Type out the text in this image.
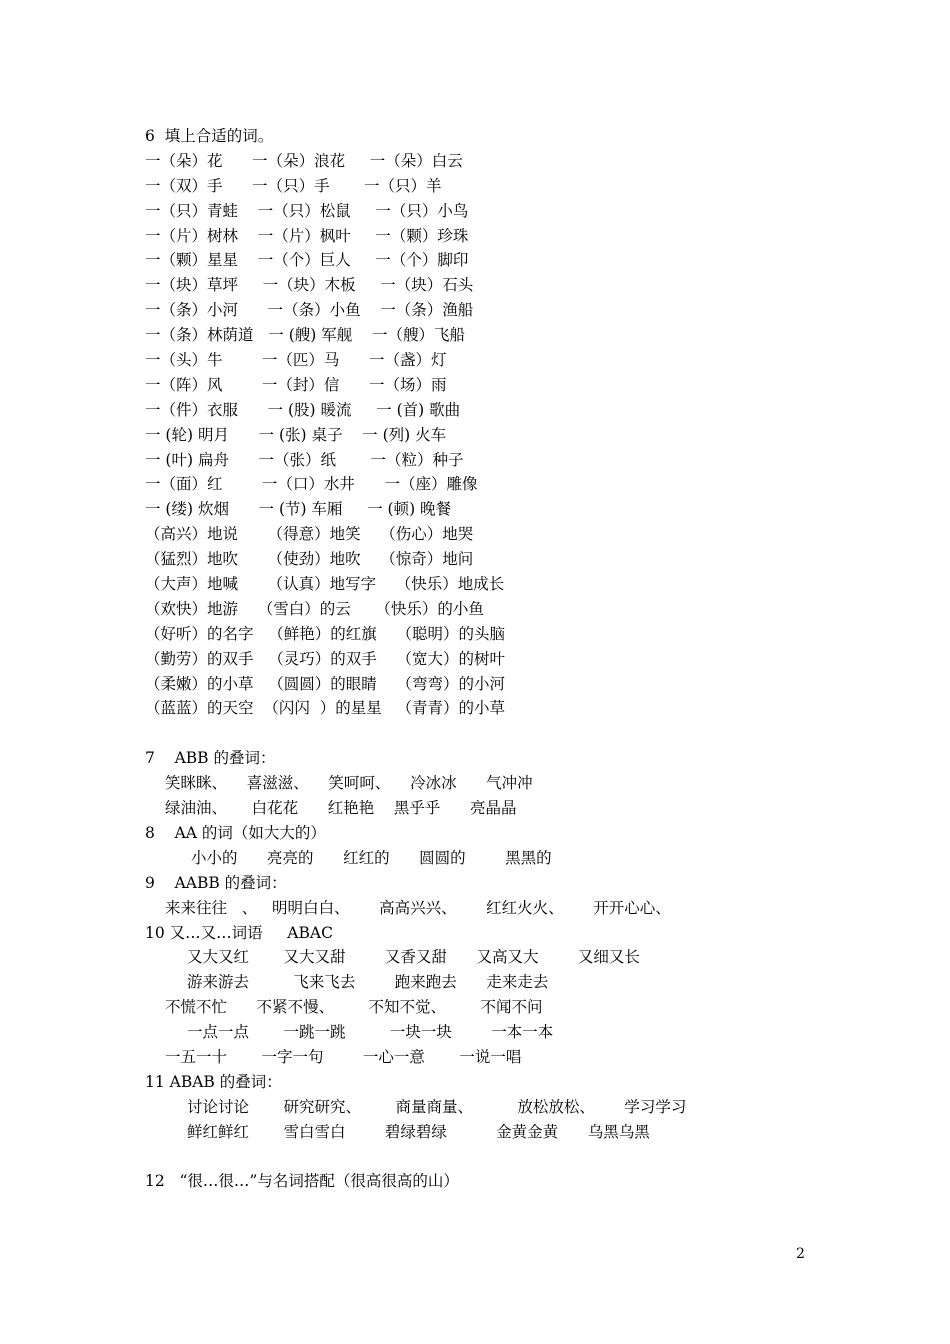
6  填上合适的词。
一（朵）花      一（朵）浪花     一（朵）白云
一（双）手      一（只）手       一（只）羊
一（只）青蛙    一（只）松鼠     一（只）小鸟
一（片）树林    一（片）枫叶     一（颗）珍珠
一（颗）星星    一（个）巨人     一（个）脚印
一（块）草坪     一（块）木板     一（块）石头
一（条）小河      一（条）小鱼    一（条）渔船
一（条）林荫道   一 (艘) 军舰    一（艘）飞船
一（头）牛        一（匹）马      一（盏）灯
一（阵）风        一（封）信      一（场）雨
一（件）衣服      一 (股) 暖流     一 (首) 歌曲
一 (轮) 明月      一 (张) 桌子    一 (列) 火车
一 (叶) 扁舟      一（张）纸       一（粒）种子
一（面）红        一（口）水井      一（座）雕像
一 (缕) 炊烟      一 (节) 车厢     一 (顿) 晚餐
（高兴）地说      （得意）地笑    （伤心）地哭
（猛烈）地吹      （使劲）地吹    （惊奇）地问
（大声）地喊      （认真）地写字    （快乐）地成长
（欢快）地游    （雪白）的云     （快乐）的小鱼
（好听）的名字   （鲜艳）的红旗    （聪明）的头脑
（勤劳）的双手   （灵巧）的双手    （宽大）的树叶
（柔嫩）的小草   （圆圆）的眼睛    （弯弯）的小河
（蓝蓝）的天空  （闪闪  ）的星星   （青青）的小草
7    ABB 的叠词：
笑眯眯、    喜滋滋、    笑呵呵、    冷冰冰      气冲冲
绿油油、     白花花      红艳艳    黑乎乎      亮晶晶
8    AA 的词（如大大的）
小小的      亮亮的      红红的      圆圆的        黑黑的
9    AABB 的叠词：
来来往往   、   明明白白、      高高兴兴、      红红火火、      开开心心、
10 又…又…词语     ABAC
又大又红       又大又甜        又香又甜      又高又大        又细又长
游来游去         飞来飞去        跑来跑去      走来走去
不慌不忙      不紧不慢、       不知不觉、       不闻不问
一点一点       一跳一跳         一块一块        一本一本
一五一十       一字一句        一心一意       一说一唱
11 ABAB 的叠词：
讨论讨论       研究研究、       商量商量、         放松放松、      学习学习
鲜红鲜红       雪白雪白        碧绿碧绿          金黄金黄      乌黑乌黑
12   “很…很…”与名词搭配（很高很高的山）
2
